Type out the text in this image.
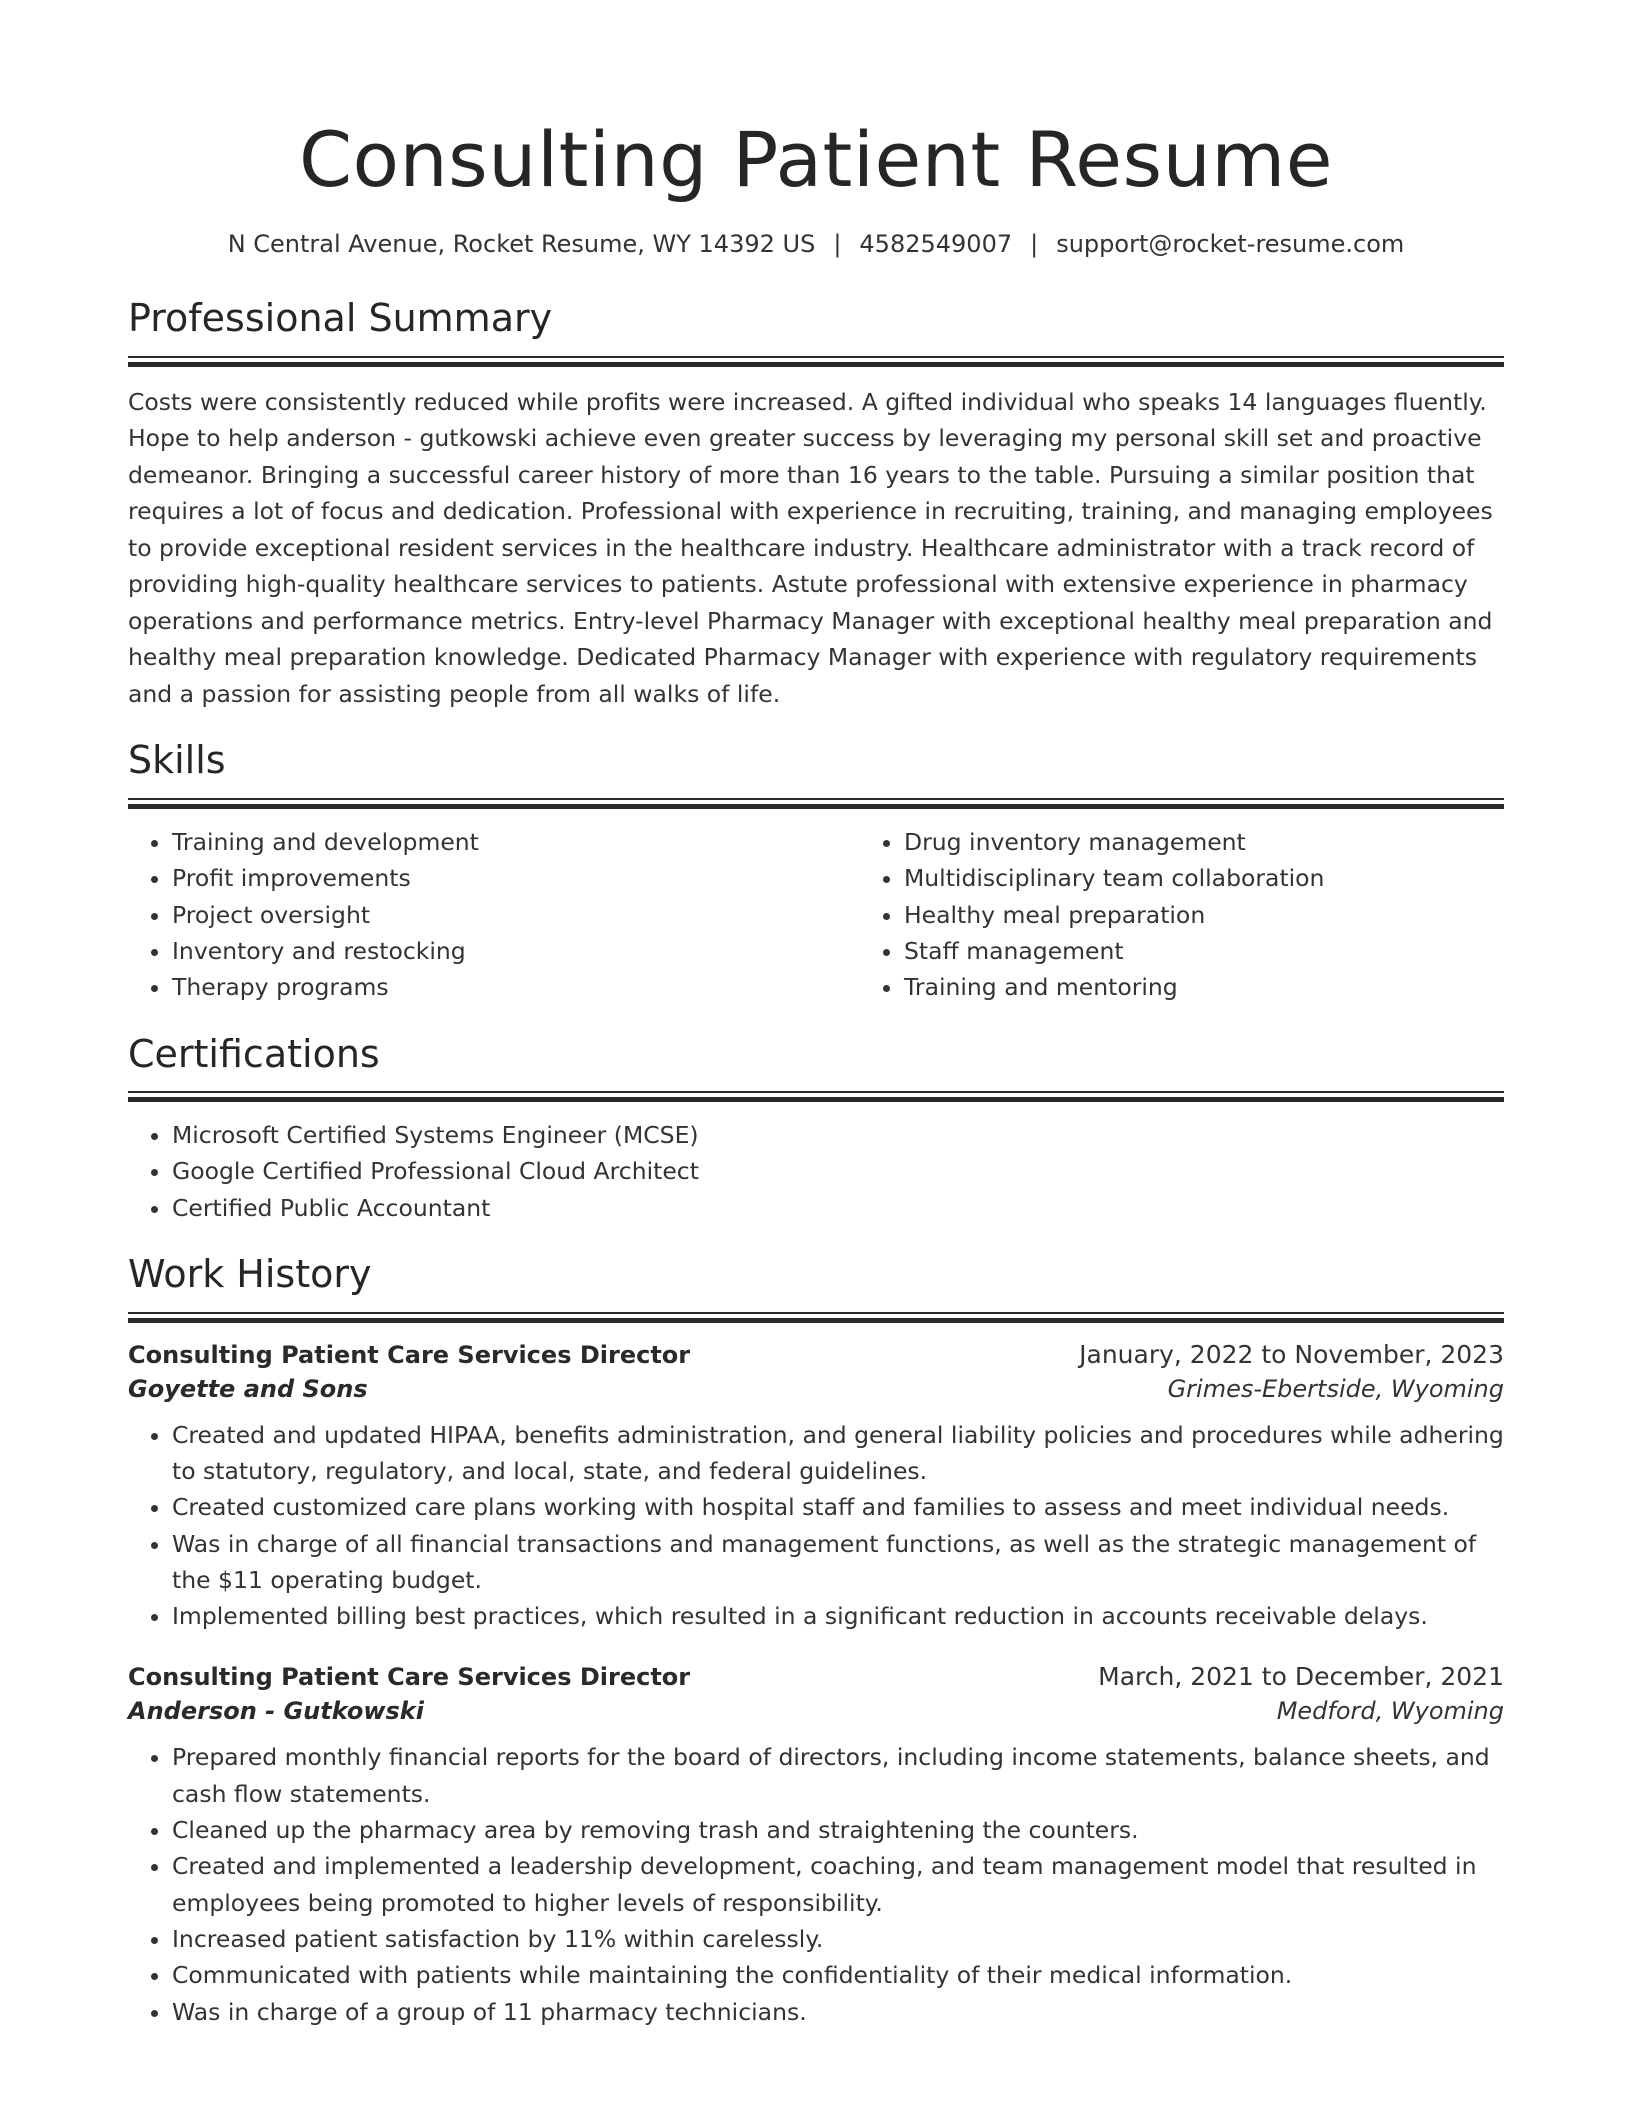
Consulting Patient Resume
N Central Avenue, Rocket Resume, WY 14392 US | 4582549007 | support@rocket-resume.com
Professional Summary
Costs were consistently reduced while profits were increased. A gifted individual who speaks 14 languages fluently. Hope to help anderson - gutkowski achieve even greater success by leveraging my personal skill set and proactive demeanor. Bringing a successful career history of more than 16 years to the table. Pursuing a similar position that requires a lot of focus and dedication. Professional with experience in recruiting, training, and managing employees to provide exceptional resident services in the healthcare industry. Healthcare administrator with a track record of providing high-quality healthcare services to patients. Astute professional with extensive experience in pharmacy operations and performance metrics. Entry-level Pharmacy Manager with exceptional healthy meal preparation and healthy meal preparation knowledge. Dedicated Pharmacy Manager with experience with regulatory requirements and a passion for assisting people from all walks of life.
Skills
• Training and development
• Profit improvements
• Project oversight
• Inventory and restocking
• Therapy programs
• Drug inventory management
• Multidisciplinary team collaboration
• Healthy meal preparation
• Staff management
• Training and mentoring
Certifications
• Microsoft Certified Systems Engineer (MCSE)
• Google Certified Professional Cloud Architect
• Certified Public Accountant
Work History
Consulting Patient Care Services Director	January, 2022 to November, 2023
Goyette and Sons	Grimes-Ebertside, Wyoming
• Created and updated HIPAA, benefits administration, and general liability policies and procedures while adhering to statutory, regulatory, and local, state, and federal guidelines.
• Created customized care plans working with hospital staff and families to assess and meet individual needs.
• Was in charge of all financial transactions and management functions, as well as the strategic management of the $11 operating budget.
• Implemented billing best practices, which resulted in a significant reduction in accounts receivable delays.
Consulting Patient Care Services Director	March, 2021 to December, 2021
Anderson - Gutkowski	Medford, Wyoming
• Prepared monthly financial reports for the board of directors, including income statements, balance sheets, and cash flow statements.
• Cleaned up the pharmacy area by removing trash and straightening the counters.
• Created and implemented a leadership development, coaching, and team management model that resulted in employees being promoted to higher levels of responsibility.
• Increased patient satisfaction by 11% within carelessly.
• Communicated with patients while maintaining the confidentiality of their medical information.
• Was in charge of a group of 11 pharmacy technicians.
